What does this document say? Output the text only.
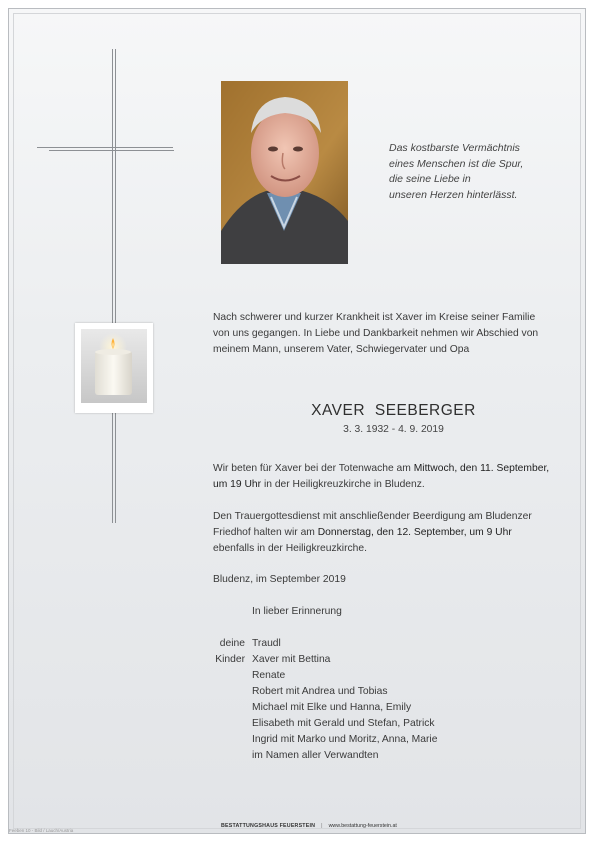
Das kostbarste Vermächtnis
eines Menschen ist die Spur,
die seine Liebe in
unseren Herzen hinterlässt.
Nach schwerer und kurzer Krankheit ist Xaver im Kreise seiner Familie
von uns gegangen. In Liebe und Dankbarkeit nehmen wir Abschied von
meinem Mann, unserem Vater, Schwiegervater und Opa
XAVER SEEBERGER
3. 3. 1932 - 4. 9. 2019
Wir beten für Xaver bei der Totenwache am Mittwoch, den 11. September,
um 19 Uhr in der Heiligkreuzkirche in Bludenz.
Den Trauergottesdienst mit anschließender Beerdigung am Bludenzer
Friedhof halten wir am Donnerstag, den 12. September, um 9 Uhr
ebenfalls in der Heiligkreuzkirche.
Bludenz, im September 2019
In lieber Erinnerung
deine
Kinder
Traudl
Xaver mit Bettina
Renate
Robert mit Andrea und Tobias
Michael mit Elke und Hanna, Emily
Elisabeth mit Gerald und Stefan, Patrick
Ingrid mit Marko und Moritz, Anna, Marie
im Namen aller Verwandten
BESTATTUNGSHAUS FEUERSTEIN | www.bestattung-feuerstein.at
Feeben 10 - Bild / Lauch/Austria
